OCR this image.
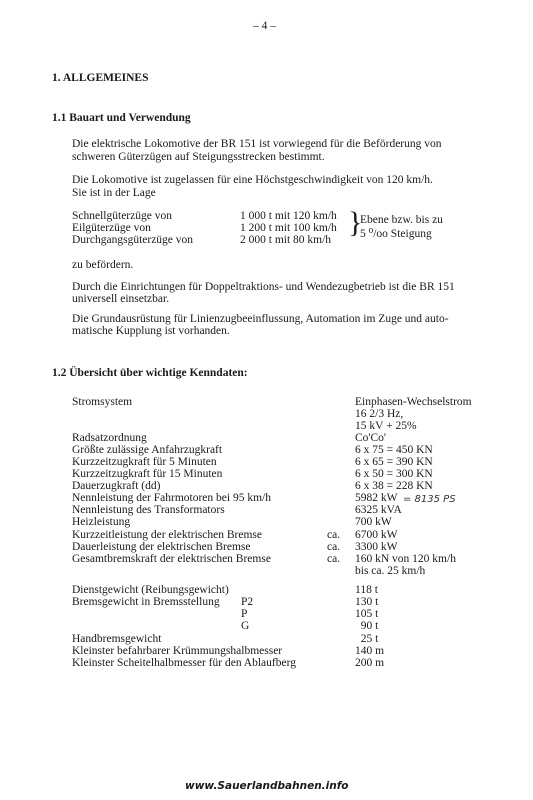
– 4 –
1. ALLGEMEINES
1.1 Bauart und Verwendung
Die elektrische Lokomotive der BR 151 ist vorwiegend für die Beförderung von
schweren Güterzügen auf Steigungsstrecken bestimmt.
Die Lokomotive ist zugelassen für eine Höchstgeschwindigkeit von 120 km/h.
Sie ist in der Lage
Schnellgüterzüge von	1 000 t mit 120 km/h
Eilgüterzüge von	1 200 t mit 100 km/h
Durchgangsgüterzüge von	2 000 t mit 80 km/h
}
Ebene bzw. bis zu
5 ⁰/oo Steigung
zu befördern.
Durch die Einrichtungen für Doppeltraktions- und Wendezugbetrieb ist die BR 151
universell einsetzbar.
Die Grundausrüstung für Linienzugbeeinflussung, Automation im Zuge und auto-
matische Kupplung ist vorhanden.
1.2 Übersicht über wichtige Kenndaten:
Stromsystem	Einphasen-Wechselstrom
16 2/3 Hz,
15 kV + 25%
Radsatzordnung	Co'Co'
Größte zulässige Anfahrzugkraft	6 x 75 = 450 KN
Kurzzeitzugkraft für 5 Minuten	6 x 65 = 390 KN
Kurzzeitzugkraft für 15 Minuten	6 x 50 = 300 KN
Dauerzugkraft (dd)	6 x 38 = 228 KN
Nennleistung der Fahrmotoren bei 95 km/h	5982 kW = 8135 PS
Nennleistung des Transformators	6325 kVA
Heizleistung	700 kW
Kurzzeitleistung der elektrischen Bremse	ca. 6700 kW
Dauerleistung der elektrischen Bremse	ca. 3300 kW
Gesamtbremskraft der elektrischen Bremse	ca. 160 kN von 120 km/h
bis ca. 25 km/h
Dienstgewicht (Reibungsgewicht)	118 t
Bremsgewicht in Bremsstellung P2	130 t
P	105 t
G	90 t
Handbremsgewicht	25 t
Kleinster befahrbarer Krümmungshalbmesser	140 m
Kleinster Scheitelhalbmesser für den Ablaufberg	200 m
www.Sauerlandbahnen.info
